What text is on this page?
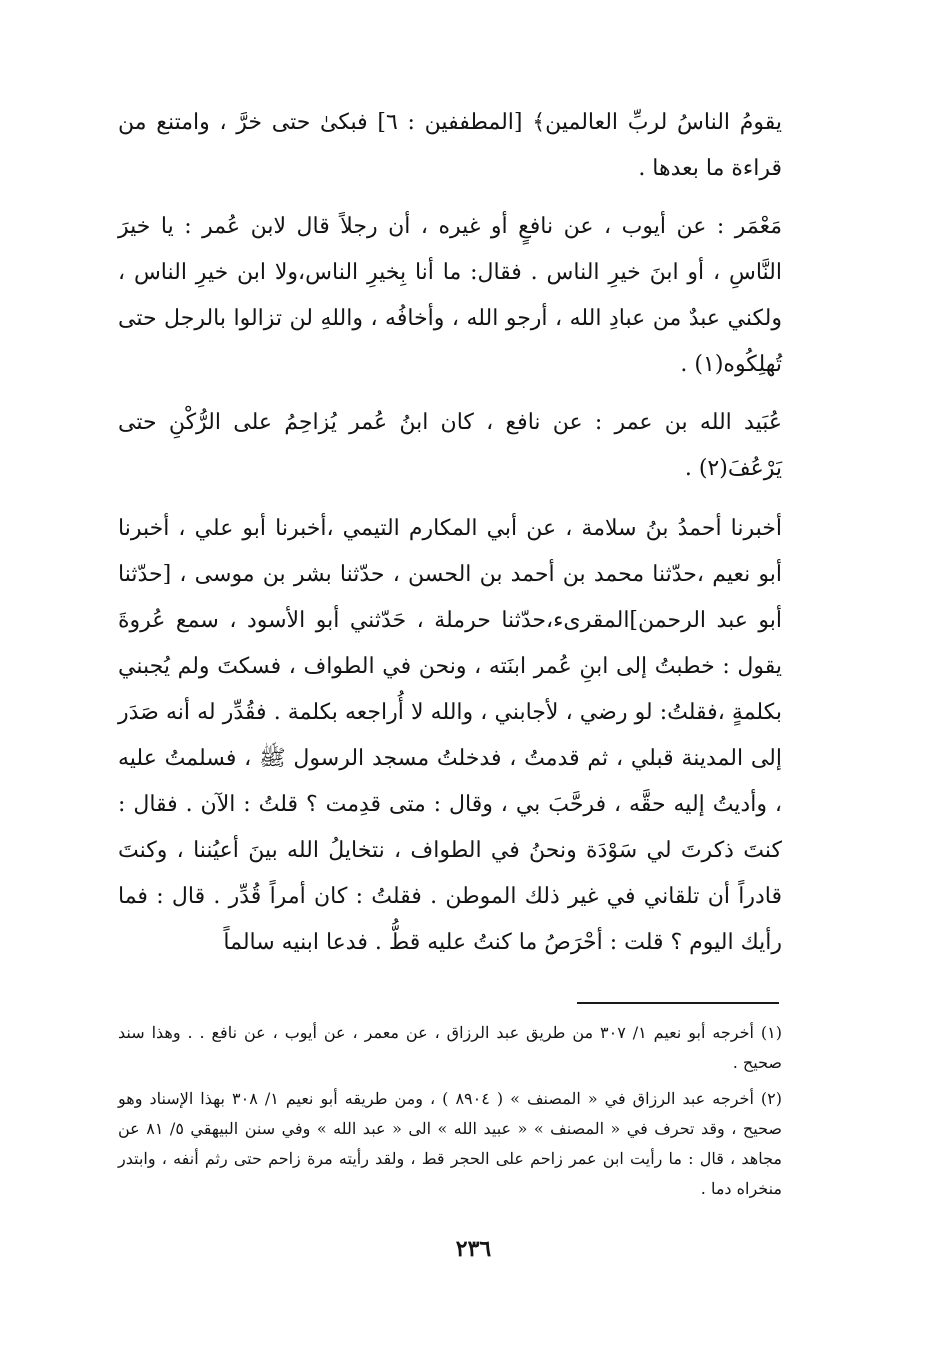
يقومُ الناسُ لربِّ العالمين﴾ [المطففين : ٦] فبكىٰ حتى خرَّ ، وامتنع من قراءة ما بعدها .

مَعْمَر : عن أيوب ، عن نافعٍ أو غيره ، أن رجلاً قال لابن عُمر : يا خيرَ النَّاسِ ، أو ابنَ خيرِ الناس . فقال: ما أنا بِخيرِ الناس،ولا ابن خيرِ الناس ، ولكني عبدٌ من عبادِ الله ، أرجو الله ، وأخافُه ، واللهِ لن تزالوا بالرجل حتى تُهلِكُوه(١) .

عُبَيد الله بن عمر : عن نافع ، كان ابنُ عُمر يُزاحِمُ على الرُّكْنِ حتى يَرْعُفَ(٢) .

أخبرنا أحمدُ بنُ سلامة ، عن أبي المكارم التيمي ،أخبرنا أبو علي ، أخبرنا أبو نعيم ،حدّثنا محمد بن أحمد بن الحسن ، حدّثنا بشر بن موسى ، [حدّثنا أبو عبد الرحمن]المقرىء،حدّثنا حرملة ، حَدّثني أبو الأسود ، سمع عُروةَ يقول : خطبتُ إلى ابنِ عُمر ابنَته ، ونحن في الطواف ، فسكتَ ولم يُجبني بكلمةٍ ،فقلتُ: لو رضي ، لأجابني ، والله لا أُراجعه بكلمة . فقُدِّر له أنه صَدَر إلى المدينة قبلي ، ثم قدمتُ ، فدخلتُ مسجد الرسول ﷺ ، فسلمتُ عليه ، وأديتُ إليه حقَّه ، فرحَّبَ بي ، وقال : متى قدِمت ؟ قلتُ : الآن . فقال : كنتَ ذكرتَ لي سَوْدَة ونحنُ في الطواف ، نتخايلُ الله بينَ أعيُننا ، وكنتَ قادراً أن تلقاني في غير ذلك الموطن . فقلتُ : كان أمراً قُدِّر . قال : فما رأيك اليوم ؟ قلت : أحْرَصُ ما كنتُ عليه قطُّ . فدعا ابنيه سالماً

(١) أخرجه أبو نعيم ١/ ٣٠٧ من طريق عبد الرزاق ، عن معمر ، عن أيوب ، عن نافع . . وهذا سند صحيح .

(٢) أخرجه عبد الرزاق في « المصنف » ( ٨٩٠٤ ) ، ومن طريقه أبو نعيم ١/ ٣٠٨ بهذا الإسناد وهو صحيح ، وقد تحرف في « المصنف » « عبيد الله » الى « عبد الله » وفي سنن البيهقي ٥/ ٨١ عن مجاهد ، قال : ما رأيت ابن عمر زاحم على الحجر قط ، ولقد رأيته مرة زاحم حتى رثم أنفه ، وابتدر منخراه دما .

٢٣٦
